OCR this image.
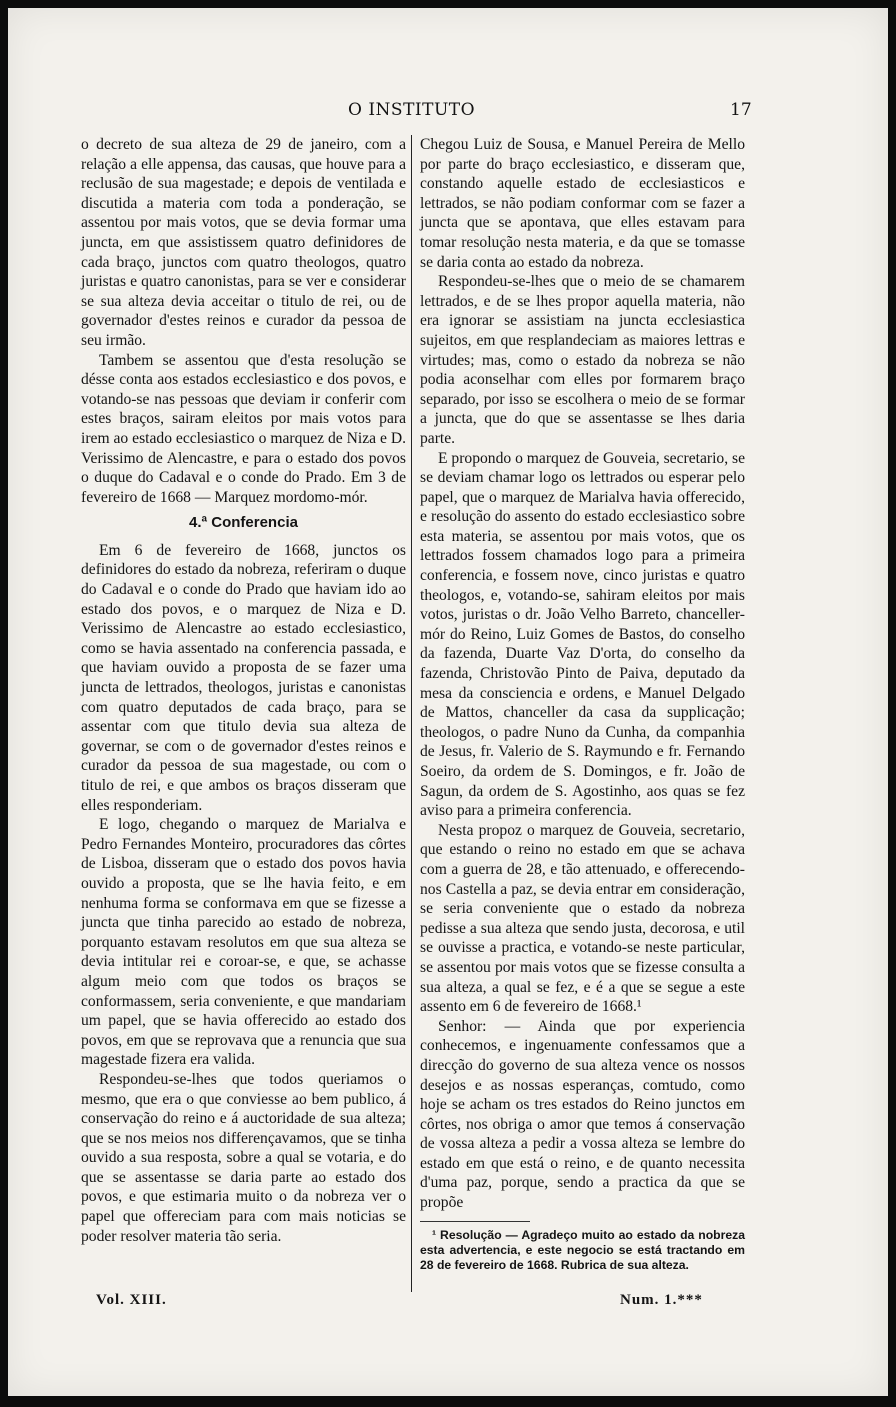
O INSTITUTO	17

o decreto de sua alteza de 29 de janeiro, com a relação a elle appensa, das causas, que houve para a reclusão de sua magestade; e depois de ventilada e discutida a materia com toda a ponderação, se assentou por mais votos, que se devia formar uma juncta, em que assistissem quatro definidores de cada braço, junctos com quatro theologos, quatro juristas e quatro canonistas, para se ver e considerar se sua alteza devia acceitar o titulo de rei, ou de governador d'estes reinos e curador da pessoa de seu irmão.

Tambem se assentou que d'esta resolução se désse conta aos estados ecclesiastico e dos povos, e votando-se nas pessoas que deviam ir conferir com estes braços, sairam eleitos por mais votos para irem ao estado ecclesiastico o marquez de Niza e D. Verissimo de Alencastre, e para o estado dos povos o duque do Cadaval e o conde do Prado. Em 3 de fevereiro de 1668 — Marquez mordomo-mór.

4.ª Conferencia

Em 6 de fevereiro de 1668, junctos os definidores do estado da nobreza, referiram o duque do Cadaval e o conde do Prado que haviam ido ao estado dos povos, e o marquez de Niza e D. Verissimo de Alencastre ao estado ecclesiastico, como se havia assentado na conferencia passada, e que haviam ouvido a proposta de se fazer uma juncta de lettrados, theologos, juristas e canonistas com quatro deputados de cada braço, para se assentar com que titulo devia sua alteza de governar, se com o de governador d'estes reinos e curador da pessoa de sua magestade, ou com o titulo de rei, e que ambos os braços disseram que elles responderiam.

E logo, chegando o marquez de Marialva e Pedro Fernandes Monteiro, procuradores das côrtes de Lisboa, disseram que o estado dos povos havia ouvido a proposta, que se lhe havia feito, e em nenhuma forma se conformava em que se fizesse a juncta que tinha parecido ao estado de nobreza, porquanto estavam resolutos em que sua alteza se devia intitular rei e coroar-se, e que, se achasse algum meio com que todos os braços se conformassem, seria conveniente, e que mandariam um papel, que se havia offerecido ao estado dos povos, em que se reprovava que a renuncia que sua magestade fizera era valida.

Respondeu-se-lhes que todos queriamos o mesmo, que era o que conviesse ao bem publico, á conservação do reino e á auctoridade de sua alteza; que se nos meios nos differençavamos, que se tinha ouvido a sua resposta, sobre a qual se votaria, e do que se assentasse se daria parte ao estado dos povos, e que estimaria muito o da nobreza ver o papel que offereciam para com mais noticias se poder resolver materia tão seria.

Chegou Luiz de Sousa, e Manuel Pereira de Mello por parte do braço ecclesiastico, e disseram que, constando aquelle estado de ecclesiasticos e lettrados, se não podiam conformar com se fazer a juncta que se apontava, que elles estavam para tomar resolução nesta materia, e da que se tomasse se daria conta ao estado da nobreza.

Respondeu-se-lhes que o meio de se chamarem lettrados, e de se lhes propor aquella materia, não era ignorar se assistiam na juncta ecclesiastica sujeitos, em que resplandeciam as maiores lettras e virtudes; mas, como o estado da nobreza se não podia aconselhar com elles por formarem braço separado, por isso se escolhera o meio de se formar a juncta, que do que se assentasse se lhes daria parte.

E propondo o marquez de Gouveia, secretario, se se deviam chamar logo os lettrados ou esperar pelo papel, que o marquez de Marialva havia offerecido, e resolução do assento do estado ecclesiastico sobre esta materia, se assentou por mais votos, que os lettrados fossem chamados logo para a primeira conferencia, e fossem nove, cinco juristas e quatro theologos, e, votando-se, sahiram eleitos por mais votos, juristas o dr. João Velho Barreto, chanceller-mór do Reino, Luiz Gomes de Bastos, do conselho da fazenda, Duarte Vaz D'orta, do conselho da fazenda, Christovão Pinto de Paiva, deputado da mesa da consciencia e ordens, e Manuel Delgado de Mattos, chanceller da casa da supplicação; theologos, o padre Nuno da Cunha, da companhia de Jesus, fr. Valerio de S. Raymundo e fr. Fernando Soeiro, da ordem de S. Domingos, e fr. João de Sagun, da ordem de S. Agostinho, aos quas se fez aviso para a primeira conferencia.

Nesta propoz o marquez de Gouveia, secretario, que estando o reino no estado em que se achava com a guerra de 28, e tão attenuado, e offerecendo-nos Castella a paz, se devia entrar em consideração, se seria conveniente que o estado da nobreza pedisse a sua alteza que sendo justa, decorosa, e util se ouvisse a practica, e votando-se neste particular, se assentou por mais votos que se fizesse consulta a sua alteza, a qual se fez, e é a que se segue a este assento em 6 de fevereiro de 1668.¹

Senhor: — Ainda que por experiencia conhecemos, e ingenuamente confessamos que a direcção do governo de sua alteza vence os nossos desejos e as nossas esperanças, comtudo, como hoje se acham os tres estados do Reino junctos em côrtes, nos obriga o amor que temos á conservação de vossa alteza a pedir a vossa alteza se lembre do estado em que está o reino, e de quanto necessita d'uma paz, porque, sendo a practica da que se propõe

¹ Resolução — Agradeço muito ao estado da nobreza esta advertencia, e este negocio se está tractando em 28 de fevereiro de 1668. Rubrica de sua alteza.
Vol. XIII.	Num. 1.***
